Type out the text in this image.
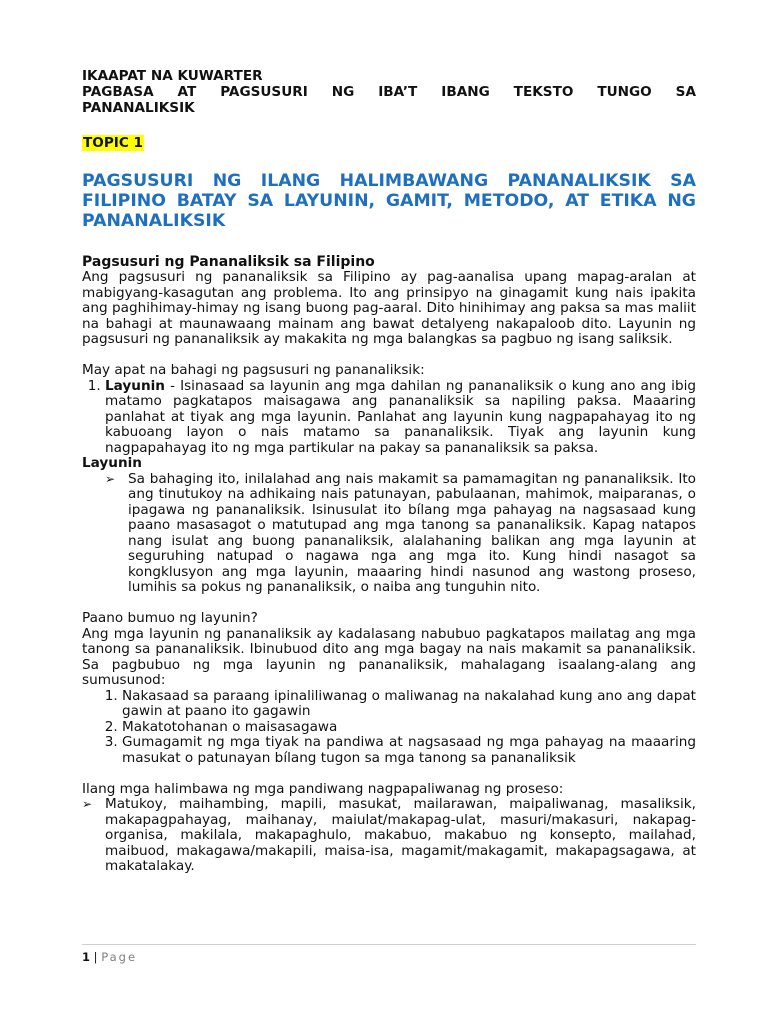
IKAAPAT NA KUWARTER

PAGBASA AT PAGSUSURI NG IBA’T IBANG TEKSTO TUNGO SA

PANANALIKSIK

TOPIC 1
PAGSUSURI NG ILANG HALIMBAWANG PANANALIKSIK SA FILIPINO BATAY SA LAYUNIN, GAMIT, METODO, AT ETIKA NG PANANALIKSIK
Pagsusuri ng Pananaliksik sa Filipino

Ang pagsusuri ng pananaliksik sa Filipino ay pag-aanalisa upang mapag-aralan at mabigyang-kasagutan ang problema. Ito ang prinsipyo na ginagamit kung nais ipakita ang paghihimay-himay ng isang buong pag-aaral. Dito hinihimay ang paksa sa mas maliit na bahagi at maunawaang mainam ang bawat detalyeng nakapaloob dito. Layunin ng pagsusuri ng pananaliksik ay makakita ng mga balangkas sa pagbuo ng isang saliksik.

May apat na bahagi ng pagsusuri ng pananaliksik:

1. Layunin - Isinasaad sa layunin ang mga dahilan ng pananaliksik o kung ano ang ibig matamo pagkatapos maisagawa ang pananaliksik sa napiling paksa. Maaaring panlahat at tiyak ang mga layunin. Panlahat ang layunin kung nagpapahayag ito ng kabuoang layon o nais matamo sa pananaliksik. Tiyak ang layunin kung nagpapahayag ito ng mga partikular na pakay sa pananaliksik sa paksa.

Layunin

➢ Sa bahaging ito, inilalahad ang nais makamit sa pamamagitan ng pananaliksik. Ito ang tinutukoy na adhikaing nais patunayan, pabulaanan, mahimok, maiparanas, o ipagawa ng pananaliksik. Isinusulat ito bílang mga pahayag na nagsasaad kung paano masasagot o matutupad ang mga tanong sa pananaliksik. Kapag natapos nang isulat ang buong pananaliksik, alalahaning balikan ang mga layunin at seguruhing natupad o nagawa nga ang mga ito. Kung hindi nasagot sa kongklusyon ang mga layunin, maaaring hindi nasunod ang wastong proseso, lumihis sa pokus ng pananaliksik, o naiba ang tunguhin nito.

Paano bumuo ng layunin?

Ang mga layunin ng pananaliksik ay kadalasang nabubuo pagkatapos mailatag ang mga tanong sa pananaliksik. Ibinubuod dito ang mga bagay na nais makamit sa pananaliksik. Sa pagbubuo ng mga layunin ng pananaliksik, mahalagang isaalang-alang ang sumusunod:

1. Nakasaad sa paraang ipinaliliwanag o maliwanag na nakalahad kung ano ang dapat gawin at paano ito gagawin
2. Makatotohanan o maisasagawa
3. Gumagamit ng mga tiyak na pandiwa at nagsasaad ng mga pahayag na maaaring masukat o patunayan bílang tugon sa mga tanong sa pananaliksik

Ilang mga halimbawa ng mga pandiwang nagpapaliwanag ng proseso:

➢ Matukoy, maihambing, mapili, masukat, mailarawan, maipaliwanag, masaliksik, makapagpahayag, maihanay, maiulat/makapag-ulat, masuri/makasuri, nakapag-organisa, makilala, makapaghulo, makabuo, makabuo ng konsepto, mailahad, maibuod, makagawa/makapili, maisa-isa, magamit/makagamit, makapagsagawa, at makatalakay.
1 | Page
